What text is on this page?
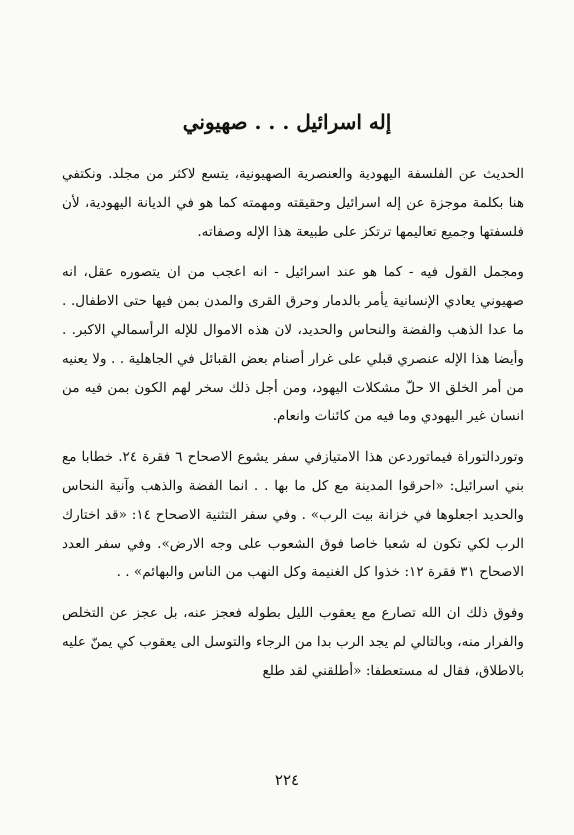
إله اسرائيل . . . صهيوني

الحديث عن الفلسفة اليهودية والعنصرية الصهيونية، يتسع لاكثر من مجلد. ونكتفي هنا بكلمة موجزة عن إله اسرائيل وحقيقته ومهمته كما هو في الديانة اليهودية، لأن فلسفتها وجميع تعاليمها ترتكز على طبيعة هذا الإله وصفاته.

ومجمل القول فيه - كما هو عند اسرائيل - انه اعجب من ان يتصوره عقل، انه صهيوني يعادي الإنسانية يأمر بالدمار وحرق القرى والمدن بمن فيها حتى الاطفال. . ما عدا الذهب والفضة والنحاس والحديد، لان هذه الاموال للإله الرأسمالي الاكبر. . وأيضا هذا الإله عنصري قبلي على غرار أصنام بعض القبائل في الجاهلية . . ولا يعنيه من أمر الخلق الا حلّ مشكلات اليهود، ومن أجل ذلك سخر لهم الكون بمن فيه من انسان غير اليهودي وما فيه من كائنات وانعام.

وتوردالتوراة فيماتوردعن هذا الامتيازفي سفر يشوع الاصحاح ٦ فقرة ٢٤. خطابا مع بني اسرائيل: «احرقوا المدينة مع كل ما بها . . انما الفضة والذهب وآنية النحاس والحديد اجعلوها في خزانة بيت الرب» . وفي سفر التثنية الاصحاح ١٤: «قد اختارك الرب لكي تكون له شعبا خاصا فوق الشعوب على وجه الارض». وفي سفر العدد الاصحاح ٣١ فقرة ١٢: خذوا كل الغنيمة وكل النهب من الناس والبهائم» . .

وفوق ذلك ان الله تصارع مع يعقوب الليل بطوله فعجز عنه، بل عجز عن التخلص والفرار منه، وبالتالي لم يجد الرب بدا من الرجاء والتوسل الى يعقوب كي يمنّ عليه بالاطلاق، فقال له مستعطفا: «أطلقني لقد طلع

٢٢٤
